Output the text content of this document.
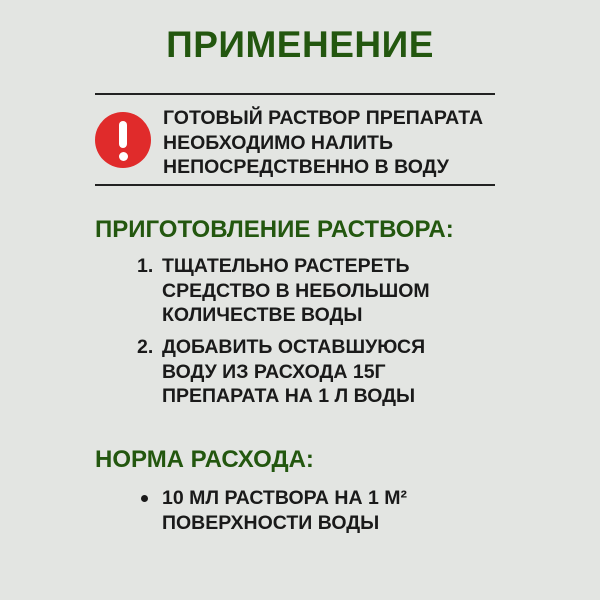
ПРИМЕНЕНИЕ
ГОТОВЫЙ РАСТВОР ПРЕПАРАТА
НЕОБХОДИМО НАЛИТЬ
НЕПОСРЕДСТВЕННО В ВОДУ
ПРИГОТОВЛЕНИЕ РАСТВОРА:
1. ТЩАТЕЛЬНО РАСТЕРЕТЬ
СРЕДСТВО В НЕБОЛЬШОМ
КОЛИЧЕСТВЕ ВОДЫ
2. ДОБАВИТЬ ОСТАВШУЮСЯ
ВОДУ ИЗ РАСХОДА 15Г
ПРЕПАРАТА НА 1 Л ВОДЫ
НОРМА РАСХОДА:
10 МЛ РАСТВОРА НА 1 М²
ПОВЕРХНОСТИ ВОДЫ
